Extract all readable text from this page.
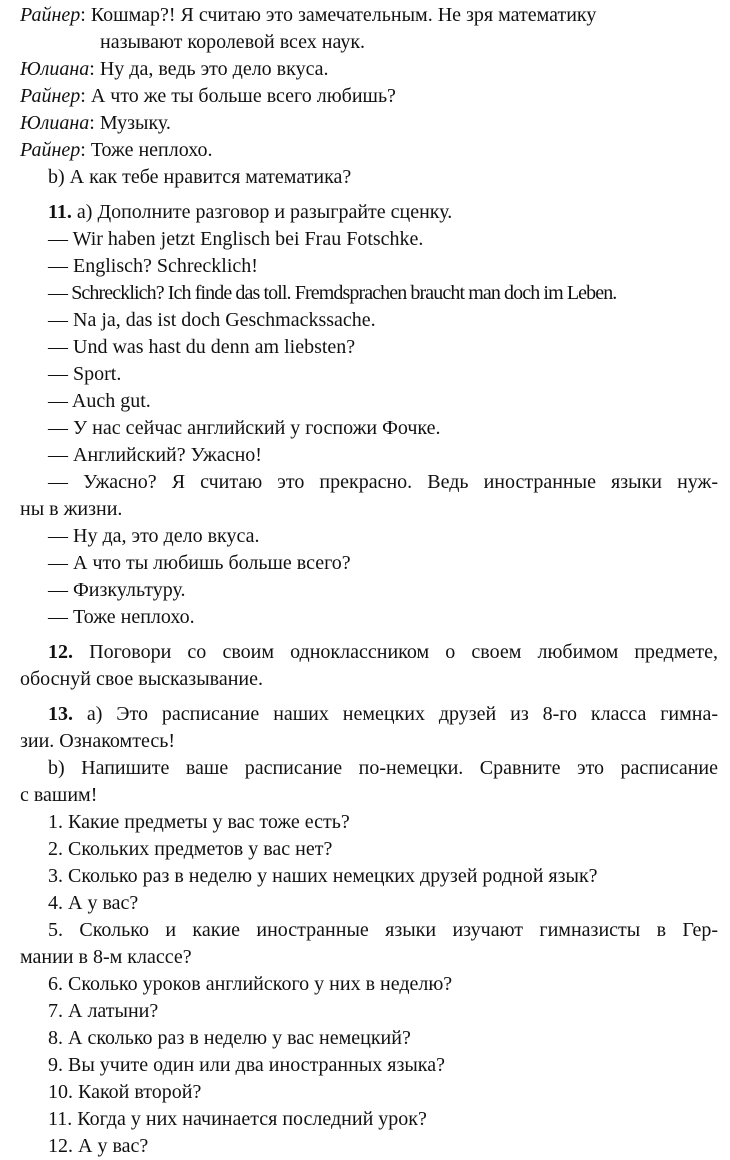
Райнер: Кошмар?! Я считаю это замечательным. Не зря математику
называют королевой всех наук.
Юлиана: Ну да, ведь это дело вкуса.
Райнер: А что же ты больше всего любишь?
Юлиана: Музыку.
Райнер: Тоже неплохо.
b) А как тебе нравится математика?
11. a) Дополните разговор и разыграйте сценку.
— Wir haben jetzt Englisch bei Frau Fotschke.
— Englisch? Schrecklich!
— Schrecklich? Ich finde das toll. Fremdsprachen braucht man doch im Leben.
— Na ja, das ist doch Geschmackssache.
— Und was hast du denn am liebsten?
— Sport.
— Auch gut.
— У нас сейчас английский у госпожи Фочке.
— Английский? Ужасно!
— Ужасно? Я считаю это прекрасно. Ведь иностранные языки нуж-
ны в жизни.
— Ну да, это дело вкуса.
— А что ты любишь больше всего?
— Физкультуру.
— Тоже неплохо.
12. Поговори со своим одноклассником о своем любимом предмете,
обоснуй свое высказывание.
13. a) Это расписание наших немецких друзей из 8-го класса гимна-
зии. Ознакомтесь!
b) Напишите ваше расписание по-немецки. Сравните это расписание
с вашим!
1. Какие предметы у вас тоже есть?
2. Скольких предметов у вас нет?
3. Сколько раз в неделю у наших немецких друзей родной язык?
4. А у вас?
5. Сколько и какие иностранные языки изучают гимназисты в Гер-
мании в 8-м классе?
6. Сколько уроков английского у них в неделю?
7. А латыни?
8. А сколько раз в неделю у вас немецкий?
9. Вы учите один или два иностранных языка?
10. Какой второй?
11. Когда у них начинается последний урок?
12. А у вас?
